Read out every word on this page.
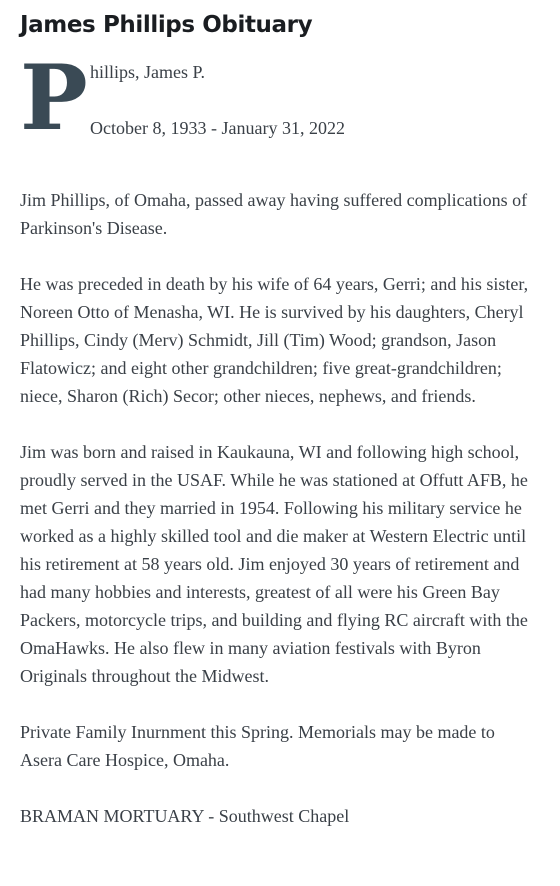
James Phillips Obituary
P hillips, James P.
October 8, 1933 - January 31, 2022

Jim Phillips, of Omaha, passed away having suffered complications of Parkinson's Disease.

He was preceded in death by his wife of 64 years, Gerri; and his sister, Noreen Otto of Menasha, WI. He is survived by his daughters, Cheryl Phillips, Cindy (Merv) Schmidt, Jill (Tim) Wood; grandson, Jason Flatowicz; and eight other grandchildren; five great-grandchildren; niece, Sharon (Rich) Secor; other nieces, nephews, and friends.

Jim was born and raised in Kaukauna, WI and following high school, proudly served in the USAF. While he was stationed at Offutt AFB, he met Gerri and they married in 1954. Following his military service he worked as a highly skilled tool and die maker at Western Electric until his retirement at 58 years old. Jim enjoyed 30 years of retirement and had many hobbies and interests, greatest of all were his Green Bay Packers, motorcycle trips, and building and flying RC aircraft with the OmaHawks. He also flew in many aviation festivals with Byron Originals throughout the Midwest.

Private Family Inurnment this Spring. Memorials may be made to Asera Care Hospice, Omaha.

BRAMAN MORTUARY - Southwest Chapel
